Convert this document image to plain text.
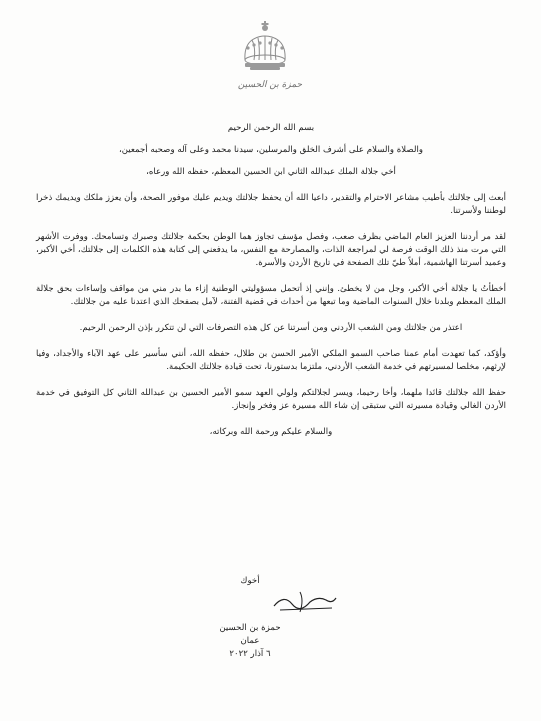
حمزة بن الحسين

بسم الله الرحمن الرحيم

والصلاة والسلام على أشرف الخلق والمرسلين، سيدنا محمد وعلى آله وصحبه أجمعين،

أخي جلالة الملك عبدالله الثاني ابن الحسين المعظم، حفظه الله ورعاه،

أبعث إلى جلالتك بأطيب مشاعر الاحترام والتقدير، داعيا الله أن يحفظ جلالتك ويديم عليك موفور الصحة، وأن يعزز ملكك ويديمك ذخرا لوطننا ولأسرتنا.

لقد مر أردننا العزيز العام الماضي بظرف صعب، وفصل مؤسف تجاوز هما الوطن بحكمة جلالتك وصبرك وتسامحك. ووفرت الأشهر التي مرت منذ ذلك الوقت فرصة لي لمراجعة الذات، والمصارحة مع النفس، ما يدفعني إلى كتابة هذه الكلمات إلى جلالتك، أخي الأكبر، وعميد أسرتنا الهاشمية، أملاً طيّ تلك الصفحة في تاريخ الأردن والأسرة.

أخطأتُ يا جلالة أخي الأكبر، وجل من لا يخطئ. وإنني إذ أتحمل مسؤوليتي الوطنية إزاء ما بدر مني من مواقف وإساءات بحق جلالة الملك المعظم وبلدنا خلال السنوات الماضية وما تبعها من أحداث في قضية الفتنة، لآمل بصفحك الذي اعتدنا عليه من جلالتك.

اعتذر من جلالتك ومن الشعب الأردني ومن أسرتنا عن كل هذه التصرفات التي لن تتكرر بإذن الرحمن الرحيم.

وأؤكد، كما تعهدت أمام عمنا صاحب السمو الملكي الأمير الحسن بن طلال، حفظه الله، أنني سأسير على عهد الآباء والأجداد، وفيا لإرثهم، مخلصا لمسيرتهم في خدمة الشعب الأردني، ملتزما بدستورنا، تحت قيادة جلالتك الحكيمة.

حفظ الله جلالتك قائدا ملهما، وأخا رحيما، ويسر لجلالتكم ولولي العهد سمو الأمير الحسين بن عبدالله الثاني كل التوفيق في خدمة الأردن الغالي وقيادة مسيرته التي ستبقى إن شاء الله مسيرة عز وفخر وإنجاز.

والسلام عليكم ورحمة الله وبركاته،

أخوك
حمزة بن الحسين
عمان
٦ آذار ٢٠٢٢
